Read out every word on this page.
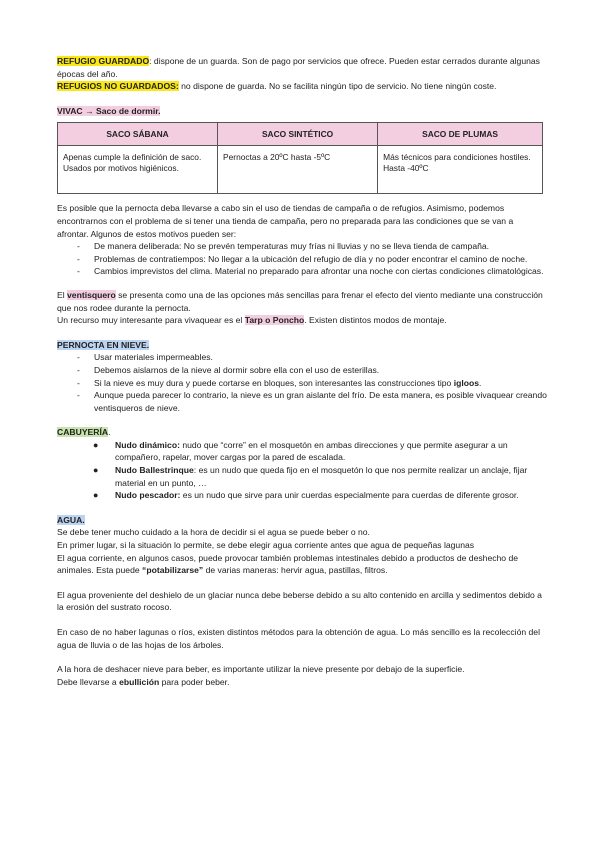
REFUGIO GUARDADO: dispone de un guarda. Son de pago por servicios que ofrece. Pueden estar cerrados durante algunas épocas del año.

REFUGIOS NO GUARDADOS: no dispone de guarda. No se facilita ningún tipo de servicio. No tiene ningún coste.

VIVAC → Saco de dormir.

SACO SÁBANA	SACO SINTÉTICO	SACO DE PLUMAS
Apenas cumple la definición de saco. Usados por motivos higiénicos.	Pernoctas a 20ºC hasta -5ºC	Más técnicos para condiciones hostiles. Hasta -40ºC

Es posible que la pernocta deba llevarse a cabo sin el uso de tiendas de campaña o de refugios. Asimismo, podemos encontrarnos con el problema de si tener una tienda de campaña, pero no preparada para las condiciones que se van a afrontar. Algunos de estos motivos pueden ser:

- De manera deliberada: No se prevén temperaturas muy frías ni lluvias y no se lleva tienda de campaña.
- Problemas de contratiempos: No llegar a la ubicación del refugio de día y no poder encontrar el camino de noche.
- Cambios imprevistos del clima. Material no preparado para afrontar una noche con ciertas condiciones climatológicas.

El ventisquero se presenta como una de las opciones más sencillas para frenar el efecto del viento mediante una construcción que nos rodee durante la pernocta.

Un recurso muy interesante para vivaquear es el Tarp o Poncho. Existen distintos modos de montaje.

PERNOCTA EN NIEVE.

- Usar materiales impermeables.
- Debemos aislarnos de la nieve al dormir sobre ella con el uso de esterillas.
- Si la nieve es muy dura y puede cortarse en bloques, son interesantes las construcciones tipo igloos.
- Aunque pueda parecer lo contrario, la nieve es un gran aislante del frío. De esta manera, es posible vivaquear creando ventisqueros de nieve.

CABUYERÍA.

● Nudo dinámico: nudo que “corre” en el mosquetón en ambas direcciones y que permite asegurar a un compañero, rapelar, mover cargas por la pared de escalada.
● Nudo Ballestrinque: es un nudo que queda fijo en el mosquetón lo que nos permite realizar un anclaje, fijar material en un punto, …
● Nudo pescador: es un nudo que sirve para unir cuerdas especialmente para cuerdas de diferente grosor.

AGUA.

Se debe tener mucho cuidado a la hora de decidir si el agua se puede beber o no.

En primer lugar, si la situación lo permite, se debe elegir agua corriente antes que agua de pequeñas lagunas

El agua corriente, en algunos casos, puede provocar también problemas intestinales debido a productos de deshecho de animales. Esta puede “potabilizarse” de varias maneras: hervir agua, pastillas, filtros.

El agua proveniente del deshielo de un glaciar nunca debe beberse debido a su alto contenido en arcilla y sedimentos debido a la erosión del sustrato rocoso.

En caso de no haber lagunas o ríos, existen distintos métodos para la obtención de agua. Lo más sencillo es la recolección del agua de lluvia o de las hojas de los árboles.

A la hora de deshacer nieve para beber, es importante utilizar la nieve presente por debajo de la superficie.

Debe llevarse a ebullición para poder beber.
